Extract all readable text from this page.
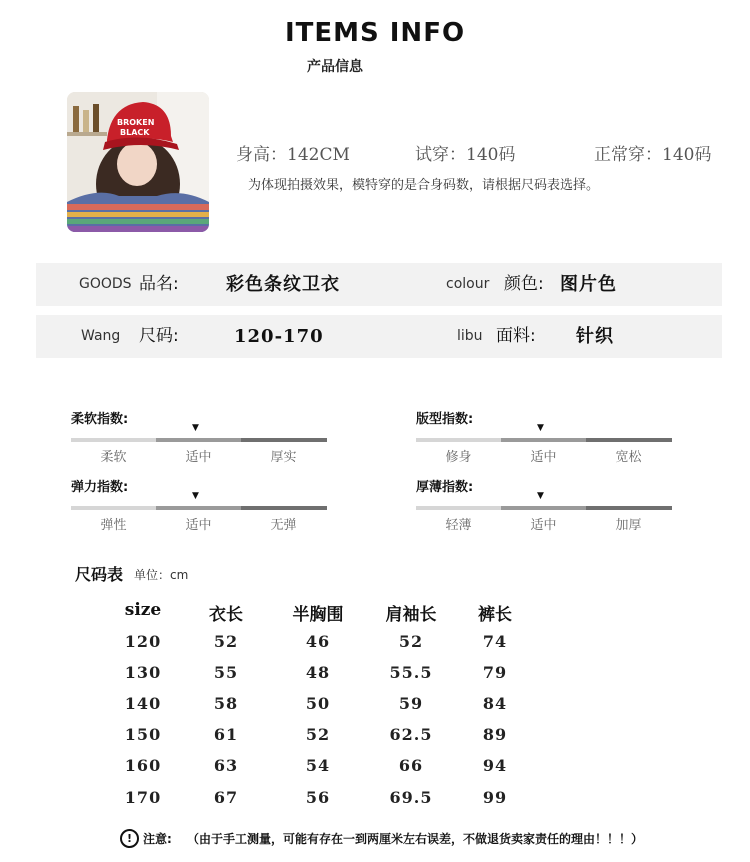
ITEMS INFO
产品信息
BROKEN
BLACK
身高：142CM	试穿：140码	正常穿：140码
为体现拍摄效果，模特穿的是合身码数，请根据尺码表选择。
GOODS 品名:	彩色条纹卫衣	colour 颜色: 图片色
Wang 尺码:	120-170	libu 面料: 针织
柔软指数:
柔软	适中	厚实
▼
版型指数:
修身	适中	宽松
▼
弹力指数:
弹性	适中	无弹
▼
厚薄指数:
轻薄	适中	加厚
▼
尺码表 单位：cm
size	衣长	半胸围	肩袖长	裤长
120	52	46	52	74
130	55	48	55.5	79
140	58	50	59	84
150	61	52	62.5	89
160	63	54	66	94
170	67	56	69.5	99
! 注意: （由于手工测量，可能有存在一到两厘米左右误差，不做退货卖家责任的理由！！！）
